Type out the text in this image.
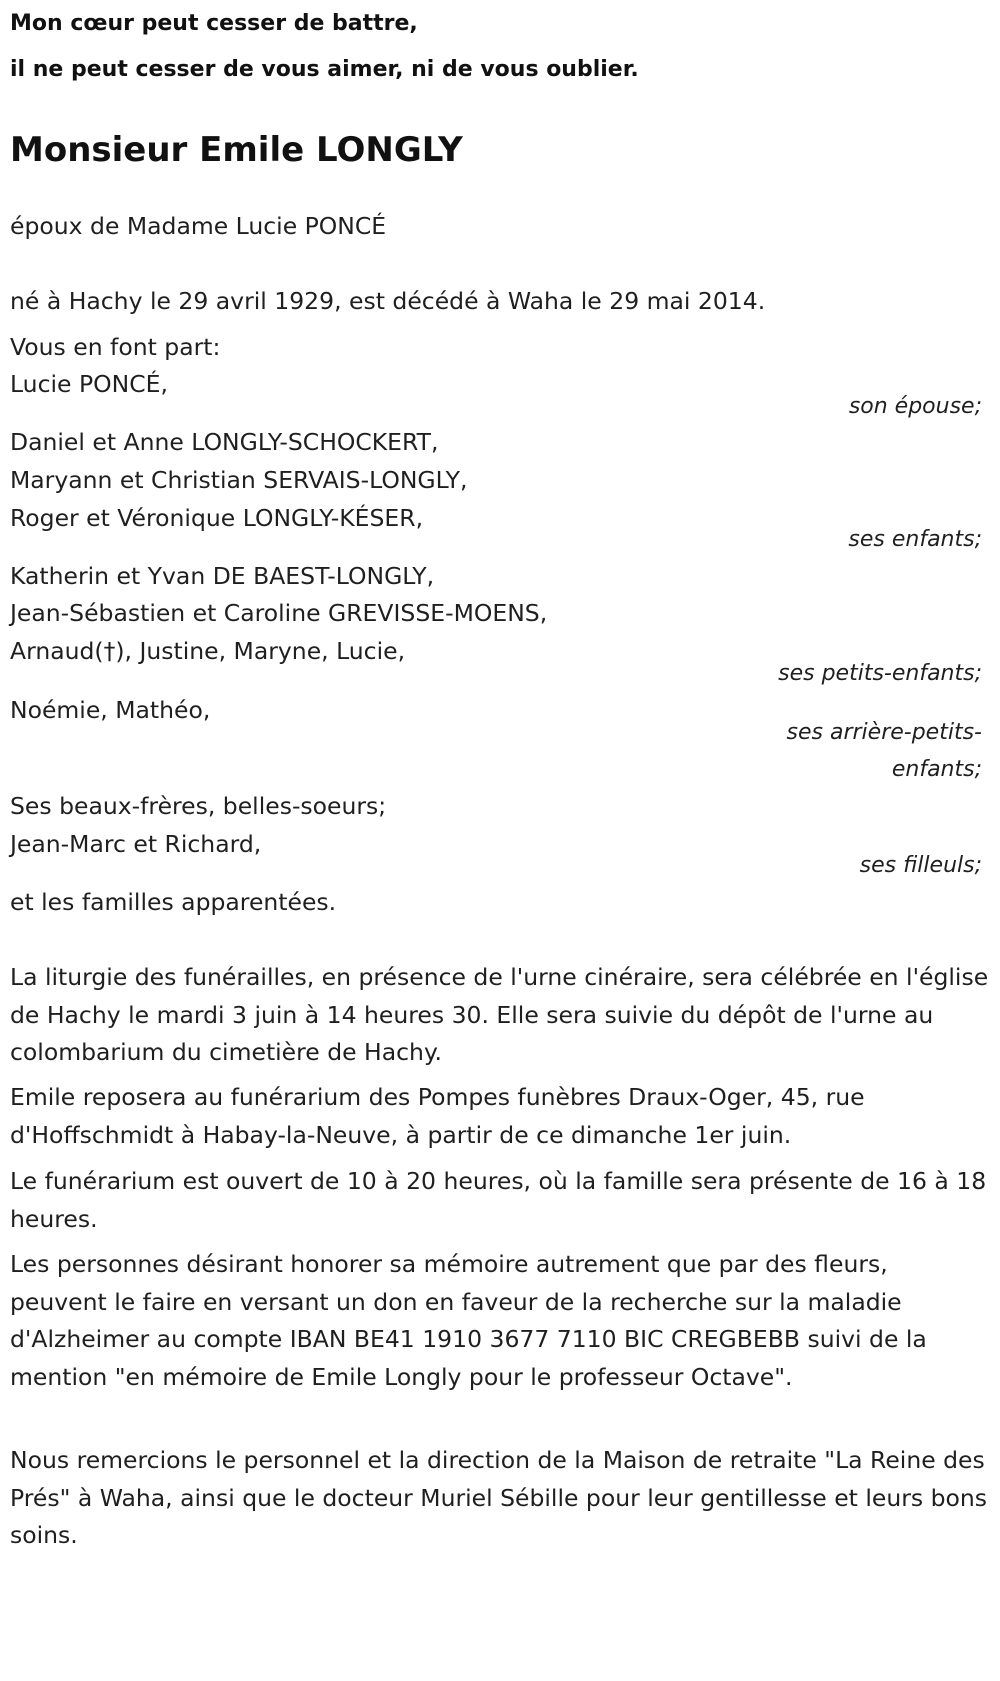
Mon cœur peut cesser de battre,
il ne peut cesser de vous aimer, ni de vous oublier.
Monsieur Emile LONGLY
époux de Madame Lucie PONCÉ
né à Hachy le 29 avril 1929, est décédé à Waha le 29 mai 2014.
Vous en font part:
Lucie PONCÉ,
son épouse;
Daniel et Anne LONGLY-SCHOCKERT,
Maryann et Christian SERVAIS-LONGLY,
Roger et Véronique LONGLY-KÉSER,
ses enfants;
Katherin et Yvan DE BAEST-LONGLY,
Jean-Sébastien et Caroline GREVISSE-MOENS,
Arnaud(†), Justine, Maryne, Lucie,
ses petits-enfants;
Noémie, Mathéo,
ses arrière-petits-
enfants;
Ses beaux-frères, belles-soeurs;
Jean-Marc et Richard,
ses filleuls;
et les familles apparentées.
La liturgie des funérailles, en présence de l'urne cinéraire, sera célébrée en l'église de Hachy le mardi 3 juin à 14 heures 30. Elle sera suivie du dépôt de l'urne au colombarium du cimetière de Hachy.
Emile reposera au funérarium des Pompes funèbres Draux-Oger, 45, rue d'Hoffschmidt à Habay-la-Neuve, à partir de ce dimanche 1er juin.
Le funérarium est ouvert de 10 à 20 heures, où la famille sera présente de 16 à 18 heures.
Les personnes désirant honorer sa mémoire autrement que par des fleurs, peuvent le faire en versant un don en faveur de la recherche sur la maladie d'Alzheimer au compte IBAN BE41 1910 3677 7110 BIC CREGBEBB suivi de la mention "en mémoire de Emile Longly pour le professeur Octave".
Nous remercions le personnel et la direction de la Maison de retraite "La Reine des Prés" à Waha, ainsi que le docteur Muriel Sébille pour leur gentillesse et leurs bons soins.
